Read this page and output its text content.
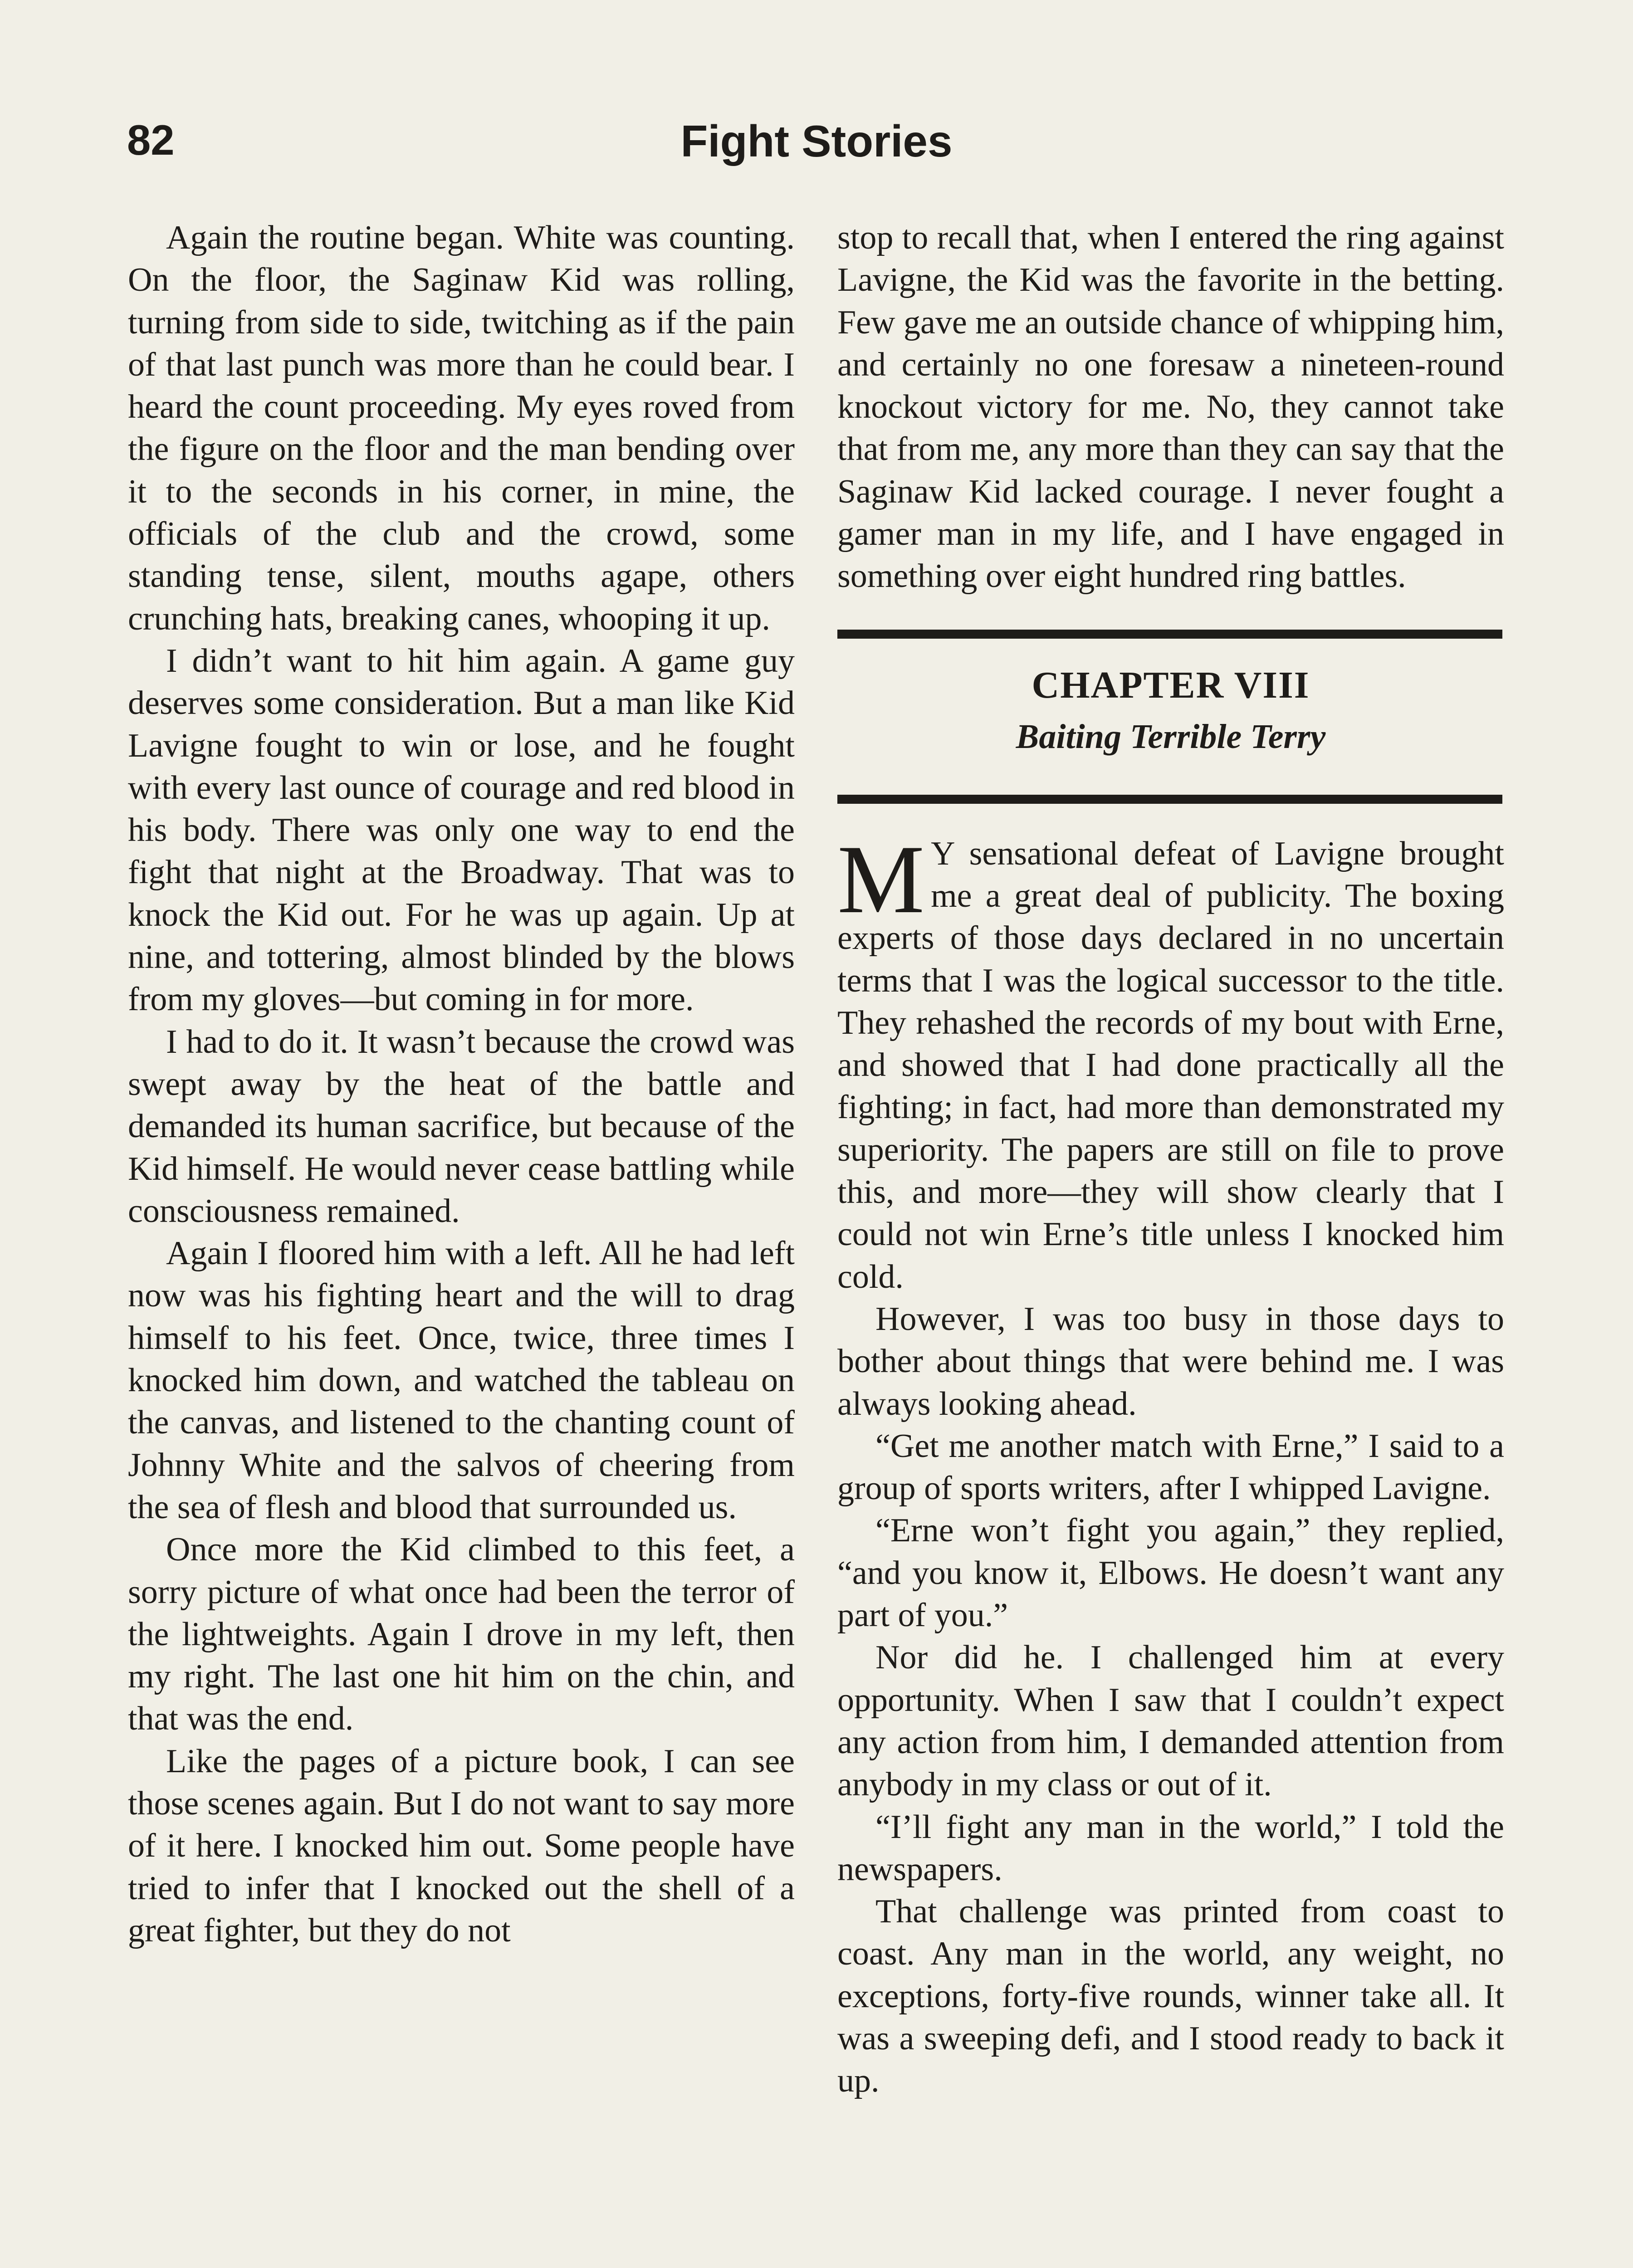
82	Fight Stories

Again the routine began. White was counting. On the floor, the Saginaw Kid was rolling, turning from side to side, twitching as if the pain of that last punch was more than he could bear. I heard the count proceeding. My eyes roved from the figure on the floor and the man bending over it to the seconds in his corner, in mine, the officials of the club and the crowd, some standing tense, silent, mouths agape, others crunching hats, breaking canes, whooping it up.

I didn’t want to hit him again. A game guy deserves some consideration. But a man like Kid Lavigne fought to win or lose, and he fought with every last ounce of courage and red blood in his body. There was only one way to end the fight that night at the Broadway. That was to knock the Kid out. For he was up again. Up at nine, and tottering, almost blinded by the blows from my gloves—but coming in for more.

I had to do it. It wasn’t because the crowd was swept away by the heat of the battle and demanded its human sacrifice, but because of the Kid himself. He would never cease battling while consciousness remained.

Again I floored him with a left. All he had left now was his fighting heart and the will to drag himself to his feet. Once, twice, three times I knocked him down, and watched the tableau on the canvas, and listened to the chanting count of Johnny White and the salvos of cheering from the sea of flesh and blood that surrounded us.

Once more the Kid climbed to this feet, a sorry picture of what once had been the terror of the lightweights. Again I drove in my left, then my right. The last one hit him on the chin, and that was the end.

Like the pages of a picture book, I can see those scenes again. But I do not want to say more of it here. I knocked him out. Some people have tried to infer that I knocked out the shell of a great fighter, but they do not

stop to recall that, when I entered the ring against Lavigne, the Kid was the favorite in the betting. Few gave me an outside chance of whipping him, and certainly no one foresaw a nineteen-round knockout victory for me. No, they cannot take that from me, any more than they can say that the Saginaw Kid lacked courage. I never fought a gamer man in my life, and I have engaged in something over eight hundred ring battles.

CHAPTER VIII
Baiting Terrible Terry

M Y sensational defeat of Lavigne brought me a great deal of publicity. The boxing experts of those days declared in no uncertain terms that I was the logical successor to the title. They rehashed the records of my bout with Erne, and showed that I had done practically all the fighting; in fact, had more than demonstrated my superiority. The papers are still on file to prove this, and more—they will show clearly that I could not win Erne’s title unless I knocked him cold.

However, I was too busy in those days to bother about things that were behind me. I was always looking ahead.

“Get me another match with Erne,” I said to a group of sports writers, after I whipped Lavigne.

“Erne won’t fight you again,” they replied, “and you know it, Elbows. He doesn’t want any part of you.”

Nor did he. I challenged him at every opportunity. When I saw that I couldn’t expect any action from him, I demanded attention from anybody in my class or out of it.

“I’ll fight any man in the world,” I told the newspapers.

That challenge was printed from coast to coast. Any man in the world, any weight, no exceptions, forty-five rounds, winner take all. It was a sweeping defi, and I stood ready to back it up.
